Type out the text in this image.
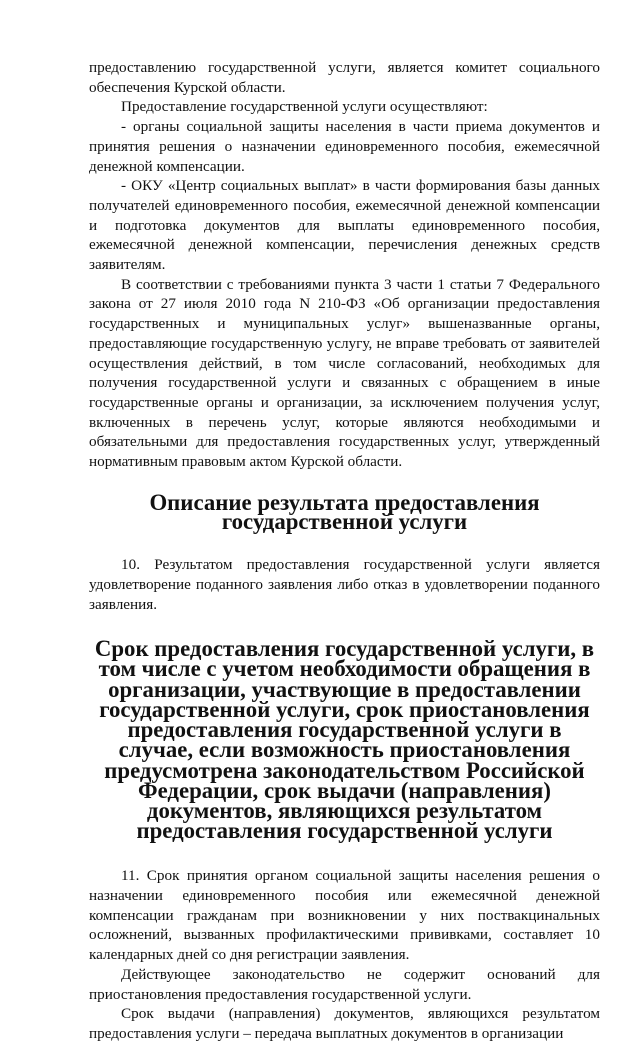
предоставлению государственной услуги, является комитет социального обеспечения Курской области.

Предоставление государственной услуги осуществляют:

- органы социальной защиты населения в части приема документов и принятия решения о назначении единовременного пособия, ежемесячной денежной компенсации.

- ОКУ «Центр социальных выплат» в части формирования базы данных получателей единовременного пособия, ежемесячной денежной компенсации и подготовка документов для выплаты единовременного пособия, ежемесячной денежной компенсации, перечисления денежных средств заявителям.

В соответствии с требованиями пункта 3 части 1 статьи 7 Федерального закона от 27 июля 2010 года N 210-ФЗ «Об организации предоставления государственных и муниципальных услуг» вышеназванные органы, предоставляющие государственную услугу, не вправе требовать от заявителей осуществления действий, в том числе согласований, необходимых для получения государственной услуги и связанных с обращением в иные государственные органы и организации, за исключением получения услуг, включенных в перечень услуг, которые являются необходимыми и обязательными для предоставления государственных услуг, утвержденный нормативным правовым актом Курской области.

Описание результата предоставления государственной услуги

10. Результатом предоставления государственной услуги является удовлетворение поданного заявления либо отказ в удовлетворении поданного заявления.

Срок предоставления государственной услуги, в том числе с учетом необходимости обращения в организации, участвующие в предоставлении государственной услуги, срок приостановления предоставления государственной услуги в случае, если возможность приостановления предусмотрена законодательством Российской Федерации, срок выдачи (направления) документов, являющихся результатом предоставления государственной услуги

11. Срок принятия органом социальной защиты населения решения о назначении единовременного пособия или ежемесячной денежной компенсации гражданам при возникновении у них поствакцинальных осложнений, вызванных профилактическими прививками, составляет 10 календарных дней со дня регистрации заявления.

Действующее законодательство не содержит оснований для приостановления предоставления государственной услуги.

Срок выдачи (направления) документов, являющихся результатом предоставления услуги – передача выплатных документов в организации
